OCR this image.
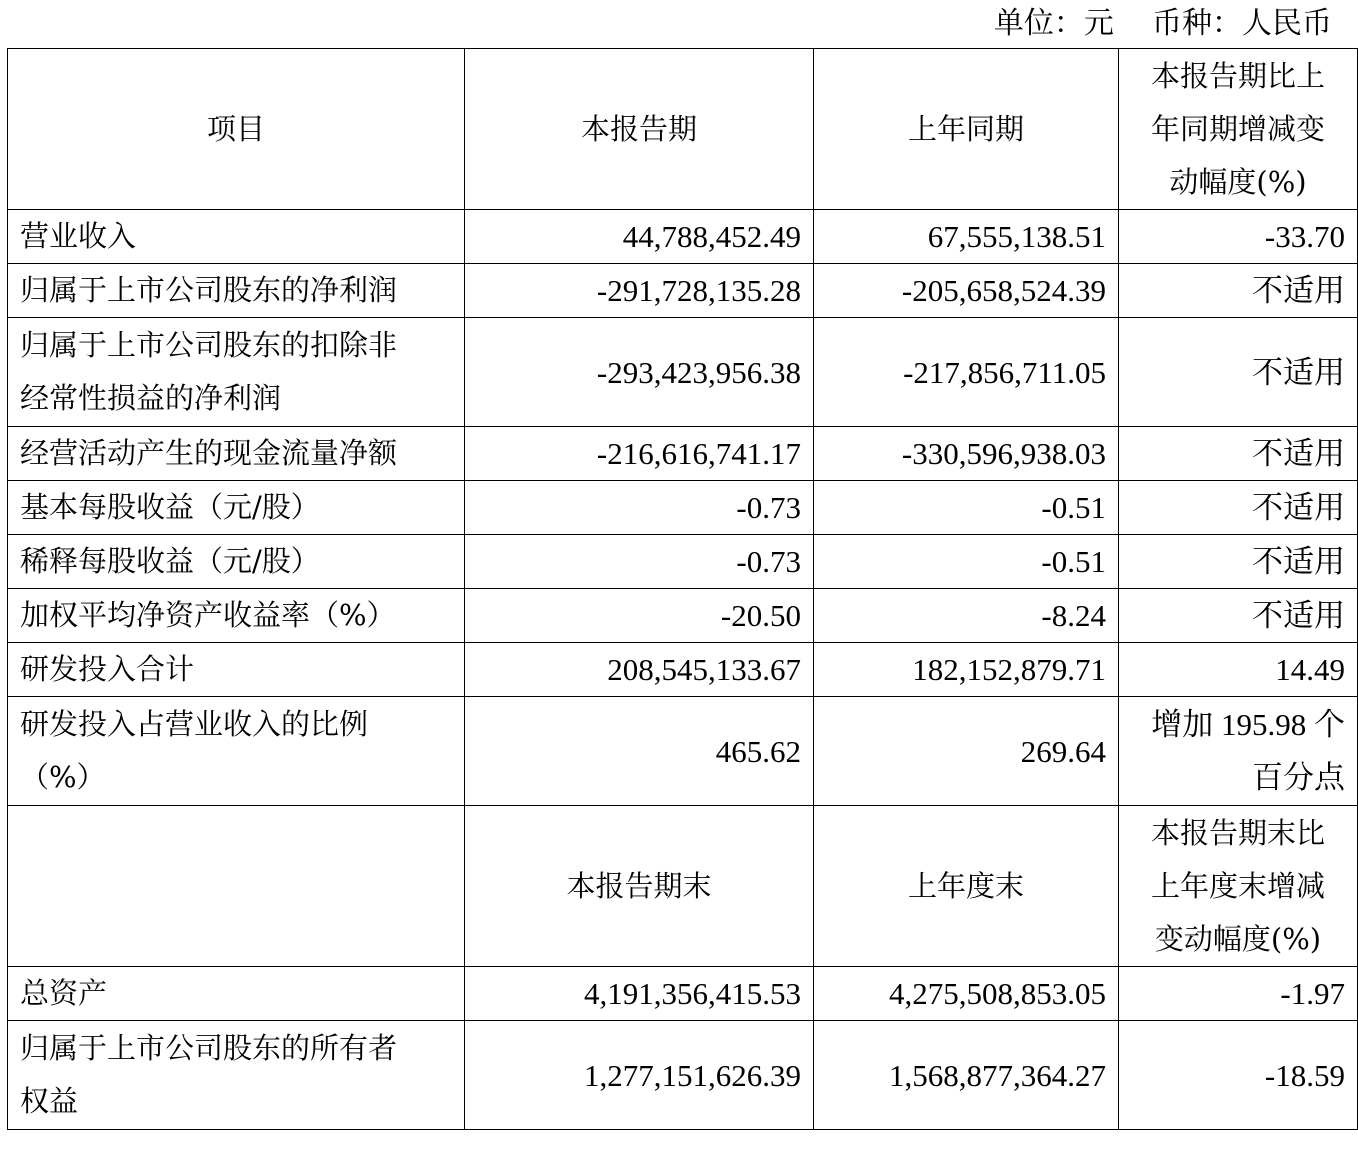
单位：元 币种：人民币
项目	本报告期	上年同期	本报告期比上
年同期增减变
动幅度(%)

营业收入	44,788,452.49	67,555,138.51	-33.70
归属于上市公司股东的净利润	-291,728,135.28	-205,658,524.39	不适用

归属于上市公司股东的扣除非
经常性损益的净利润	-293,423,956.38	-217,856,711.05	不适用
经营活动产生的现金流量净额	-216,616,741.17	-330,596,938.03	不适用
基本每股收益（元/股）	-0.73	-0.51	不适用
稀释每股收益（元/股）	-0.73	-0.51	不适用
加权平均净资产收益率（%）	-20.50	-8.24	不适用
研发投入合计	208,545,133.67	182,152,879.71	14.49

研发投入占营业收入的比例
（%）	465.62	269.64	增加 195.98 个
百分点

	本报告期末	上年度末	本报告期末比
上年度末增减
变动幅度(%)

总资产	4,191,356,415.53	4,275,508,853.05	-1.97

归属于上市公司股东的所有者
权益	1,277,151,626.39	1,568,877,364.27	-18.59
